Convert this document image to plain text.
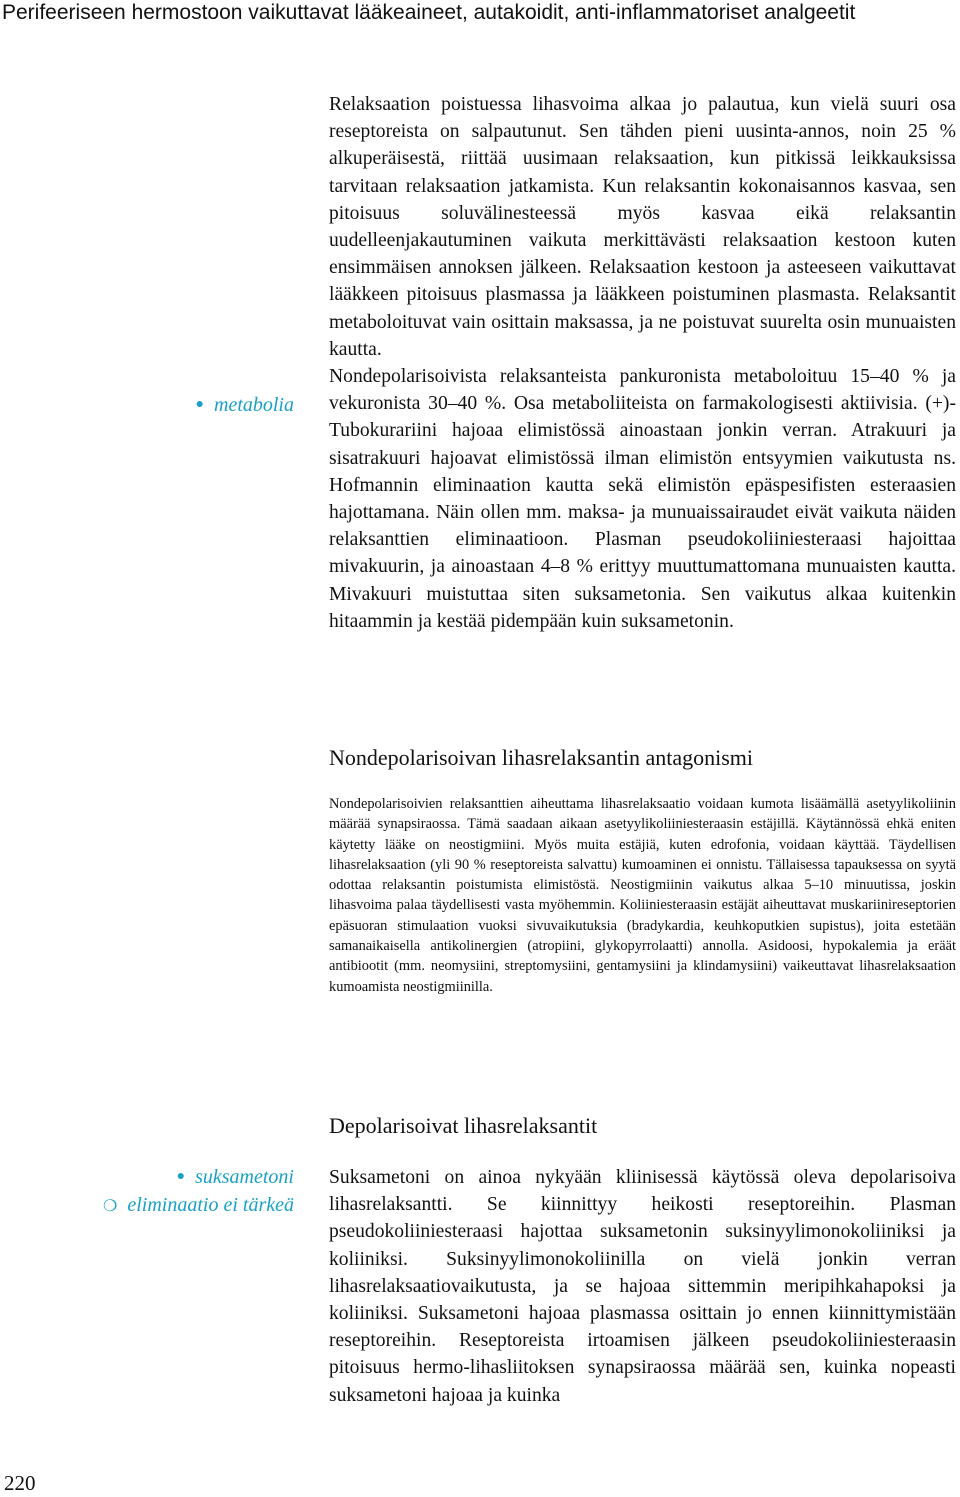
Perifeeriseen hermostoon vaikuttavat lääkeaineet, autakoidit, anti-inflammatoriset analgeetit

Relaksaation poistuessa lihasvoima alkaa jo palautua, kun vielä suuri osa reseptoreista on salpautunut. Sen tähden pieni uusinta-annos, noin 25 % alkuperäisestä, riittää uusimaan relaksaation, kun pitkissä leikkauksissa tarvitaan relaksaation jatkamista. Kun relaksantin kokonaisannos kasvaa, sen pitoisuus soluvälinesteessä myös kasvaa eikä relaksantin uudelleenjakautuminen vaikuta merkittävästi relaksaation kestoon kuten ensimmäisen annoksen jälkeen. Relaksaation kestoon ja asteeseen vaikuttavat lääkkeen pitoisuus plasmassa ja lääkkeen poistuminen plasmasta. Relaksantit metaboloituvat vain osittain maksassa, ja ne poistuvat suurelta osin munuaisten kautta.

Nondepolarisoivista relaksanteista pankuronista metaboloituu 15–40 % ja vekuronista 30–40 %. Osa metaboliiteista on farmakologisesti aktiivisia. (+)-Tubokurariini hajoaa elimistössä ainoastaan jonkin verran. Atrakuuri ja sisatrakuuri hajoavat elimistössä ilman elimistön entsyymien vaikutusta ns. Hofmannin eliminaation kautta sekä elimistön epäspesifisten esteraasien hajottamana. Näin ollen mm. maksa- ja munuaissairaudet eivät vaikuta näiden relaksanttien eliminaatioon. Plasman pseudokoliiniesteraasi hajoittaa mivakuurin, ja ainoastaan 4–8 % erittyy muuttumattomana munuaisten kautta. Mivakuuri muistuttaa siten suksametonia. Sen vaikutus alkaa kuitenkin hitaammin ja kestää pidempään kuin suksametonin.

● metabolia
Nondepolarisoivan lihasrelaksantin antagonismi
Nondepolarisoivien relaksanttien aiheuttama lihasrelaksaatio voidaan kumota lisäämällä asetyylikoliinin määrää synapsiraossa. Tämä saadaan aikaan asetyylikoliiniesteraasin estäjillä. Käytännössä ehkä eniten käytetty lääke on neostigmiini. Myös muita estäjiä, kuten edrofonia, voidaan käyttää. Täydellisen lihasrelaksaation (yli 90 % reseptoreista salvattu) kumoaminen ei onnistu. Tällaisessa tapauksessa on syytä odottaa relaksantin poistumista elimistöstä. Neostigmiinin vaikutus alkaa 5–10 minuutissa, joskin lihasvoima palaa täydellisesti vasta myöhemmin. Koliiniesteraasin estäjät aiheuttavat muskariinireseptorien epäsuoran stimulaation vuoksi sivuvaikutuksia (bradykardia, keuhkoputkien supistus), joita estetään samanaikaisella antikolinergien (atropiini, glykopyrrolaatti) annolla. Asidoosi, hypokalemia ja eräät antibiootit (mm. neomysiini, streptomysiini, gentamysiini ja klindamysiini) vaikeuttavat lihasrelaksaation kumoamista neostigmiinilla.
Depolarisoivat lihasrelaksantit
● suksametoni
❍ eliminaatio ei tärkeä

Suksametoni on ainoa nykyään kliinisessä käytössä oleva depolarisoiva lihasrelaksantti. Se kiinnittyy heikosti reseptoreihin. Plasman pseudokoliiniesteraasi hajottaa suksametonin suksinyylimonokoliiniksi ja koliiniksi. Suksinyylimonokoliinilla on vielä jonkin verran lihasrelaksaatiovaikutusta, ja se hajoaa sittemmin meripihkahapoksi ja koliiniksi. Suksametoni hajoaa plasmassa osittain jo ennen kiinnittymistään reseptoreihin. Reseptoreista irtoamisen jälkeen pseudokoliiniesteraasin pitoisuus hermo-lihasliitoksen synapsiraossa määrää sen, kuinka nopeasti suksametoni hajoaa ja kuinka

220
